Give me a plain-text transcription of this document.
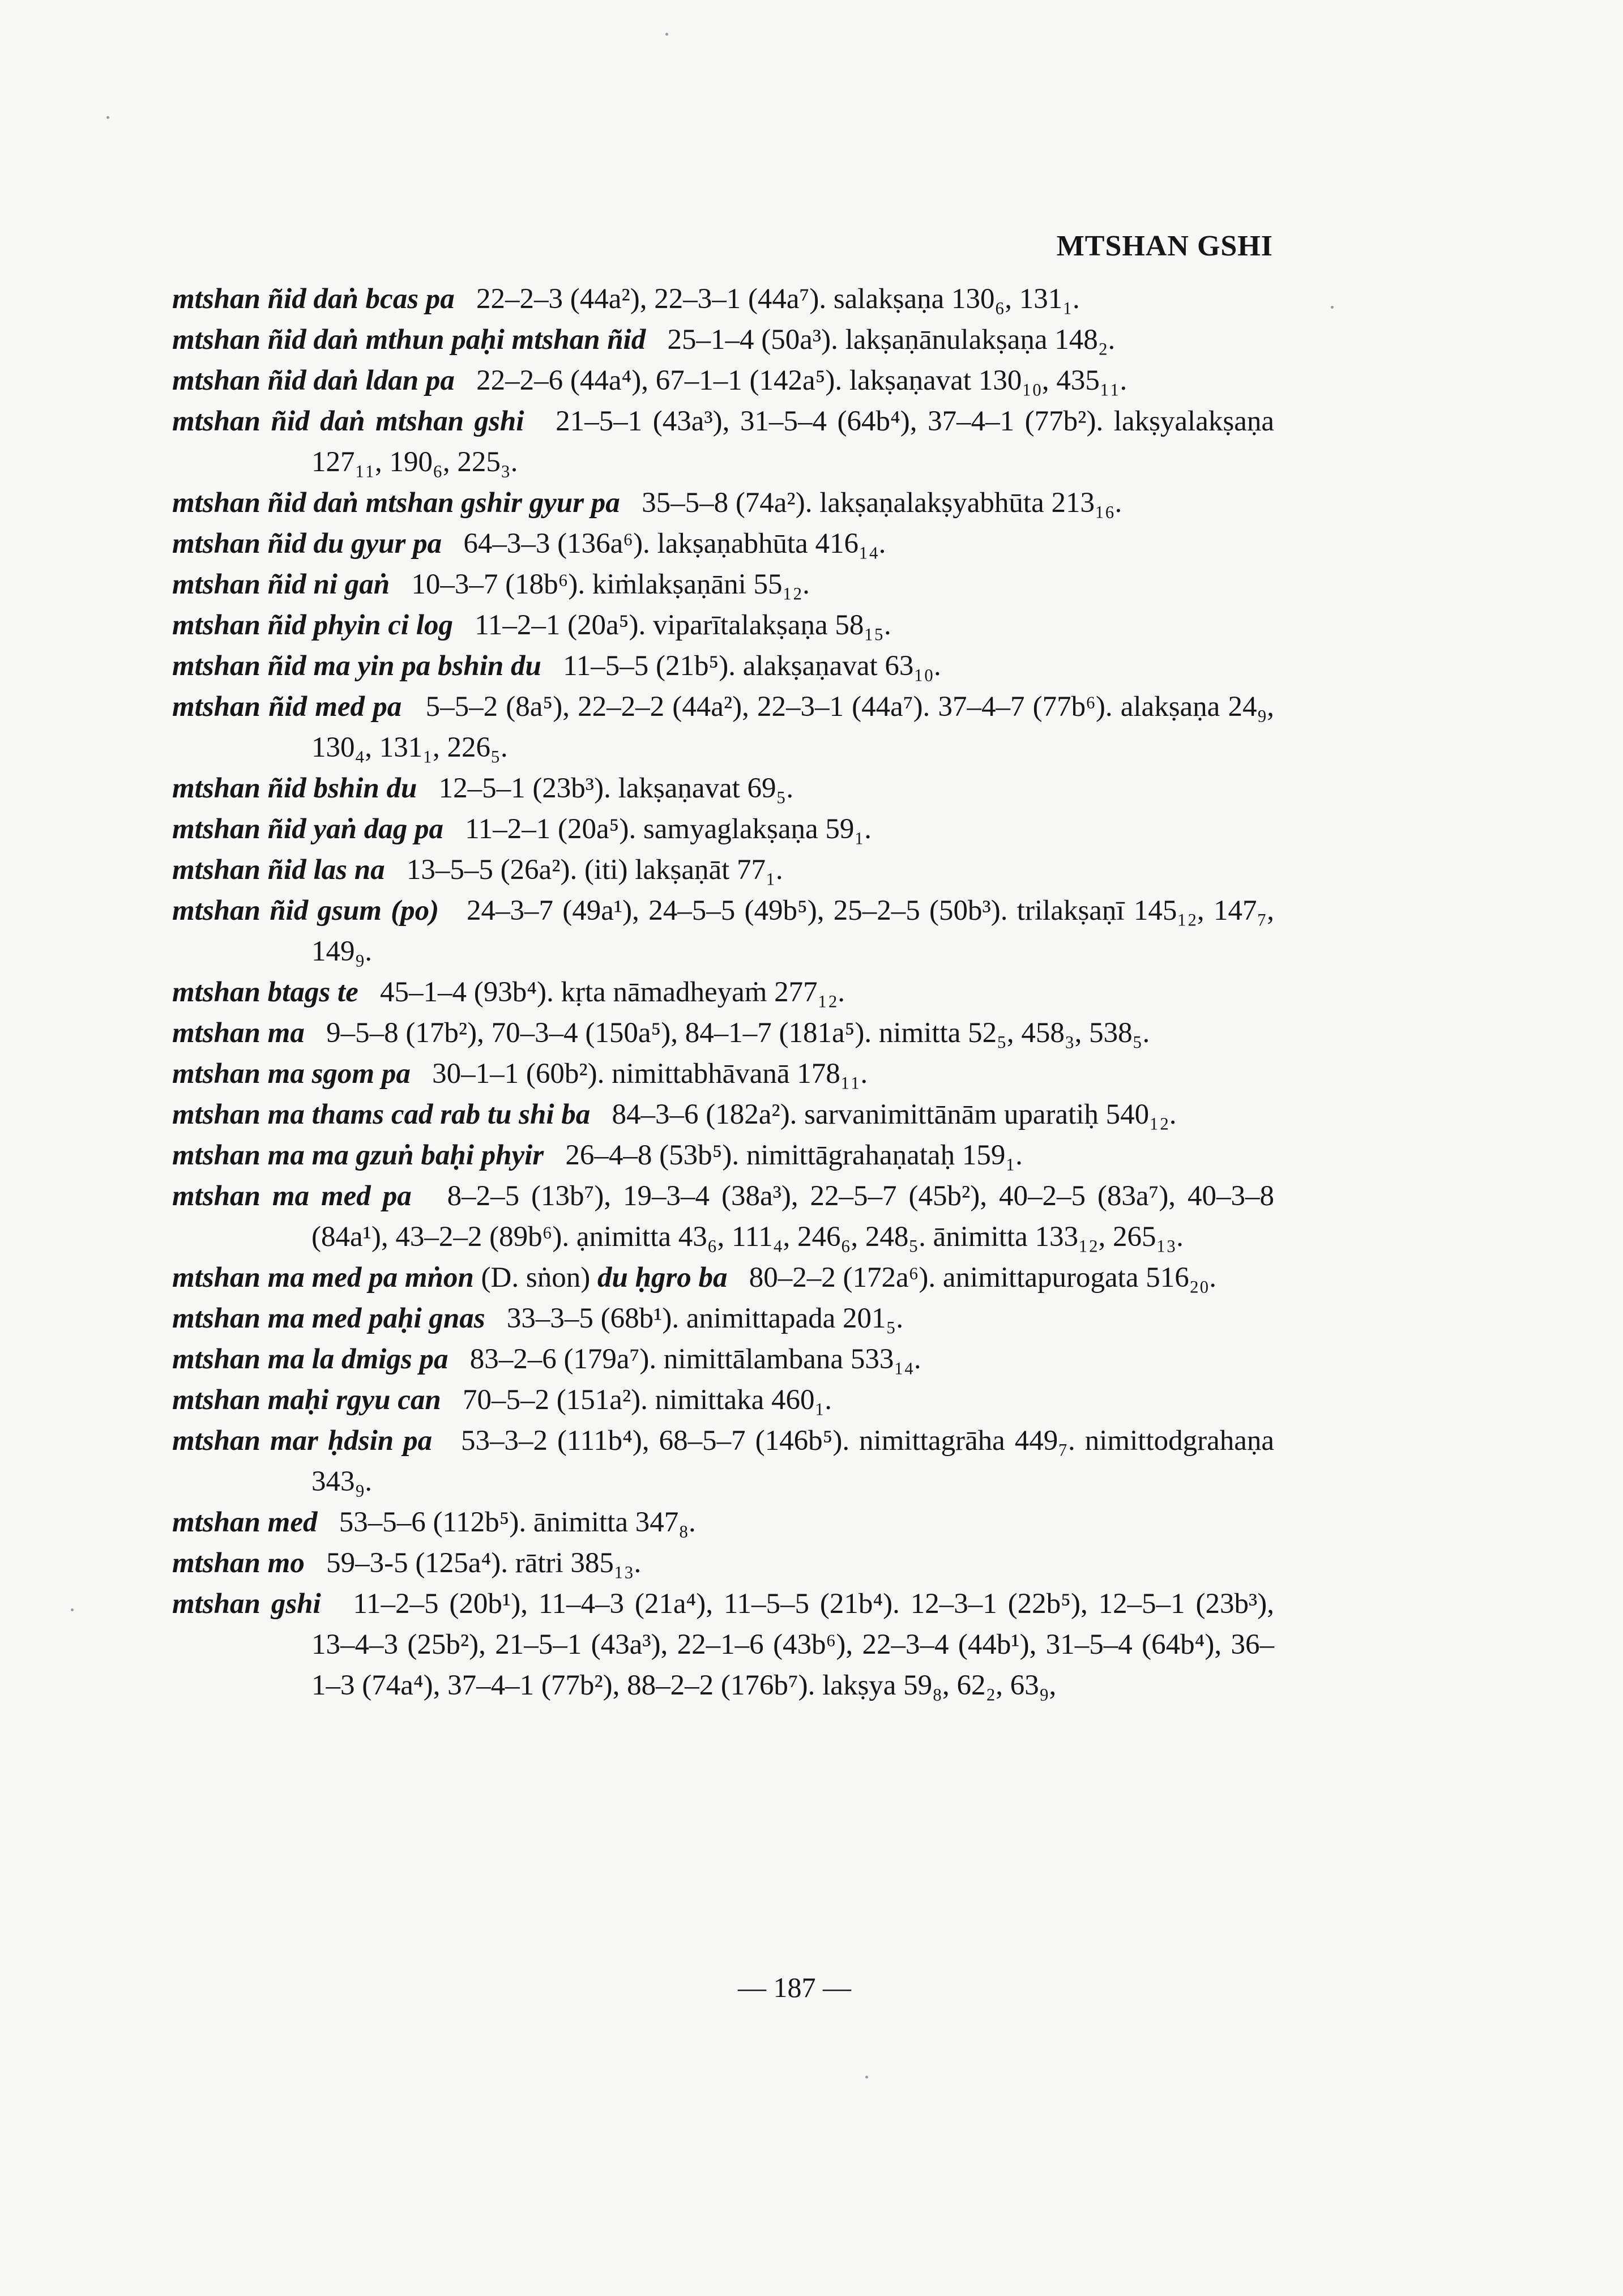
MTSHAN GSHI
mtshan ñid daṅ bcas pa 22–2–3 (44a²), 22–3–1 (44a⁷). salakṣaṇa 130₆, 131₁.
mtshan ñid daṅ mthun paḥi mtshan ñid 25–1–4 (50a³). lakṣaṇānulakṣaṇa 148₂.
mtshan ñid daṅ ldan pa 22–2–6 (44a⁴), 67–1–1 (142a⁵). lakṣaṇavat 130₁₀, 435₁₁.
mtshan ñid daṅ mtshan gshi 21–5–1 (43a³), 31–5–4 (64b⁴), 37–4–1 (77b²). lakṣyalakṣaṇa 127₁₁, 190₆, 225₃.
mtshan ñid daṅ mtshan gshir gyur pa 35–5–8 (74a²). lakṣaṇalakṣyabhūta 213₁₆.
mtshan ñid du gyur pa 64–3–3 (136a⁶). lakṣaṇabhūta 416₁₄.
mtshan ñid ni gaṅ 10–3–7 (18b⁶). kiṁlakṣaṇāni 55₁₂.
mtshan ñid phyin ci log 11–2–1 (20a⁵). viparītalakṣaṇa 58₁₅.
mtshan ñid ma yin pa bshin du 11–5–5 (21b⁵). alakṣaṇavat 63₁₀.
mtshan ñid med pa 5–5–2 (8a⁵), 22–2–2 (44a²), 22–3–1 (44a⁷). 37–4–7 (77b⁶). alakṣaṇa 24₉, 130₄, 131₁, 226₅.
mtshan ñid bshin du 12–5–1 (23b³). lakṣaṇavat 69₅.
mtshan ñid yaṅ dag pa 11–2–1 (20a⁵). samyaglakṣaṇa 59₁.
mtshan ñid las na 13–5–5 (26a²). (iti) lakṣaṇāt 77₁.
mtshan ñid gsum (po) 24–3–7 (49a¹), 24–5–5 (49b⁵), 25–2–5 (50b³). trilakṣaṇī 145₁₂, 147₇, 149₉.
mtshan btags te 45–1–4 (93b⁴). kṛta nāmadheyaṁ 277₁₂.
mtshan ma 9–5–8 (17b²), 70–3–4 (150a⁵), 84–1–7 (181a⁵). nimitta 52₅, 458₃, 538₅.
mtshan ma sgom pa 30–1–1 (60b²). nimittabhāvanā 178₁₁.
mtshan ma thams cad rab tu shi ba 84–3–6 (182a²). sarvanimittānām uparatiḥ 540₁₂.
mtshan ma ma gzuṅ baḥi phyir 26–4–8 (53b⁵). nimittāgrahaṇataḥ 159₁.
mtshan ma med pa 8–2–5 (13b⁷), 19–3–4 (38a³), 22–5–7 (45b²), 40–2–5 (83a⁷), 40–3–8 (84a¹), 43–2–2 (89b⁶). ạnimitta 43₆, 111₄, 246₆, 248₅. ānimitta 133₁₂, 265₁₃.
mtshan ma med pa mṅon (D. sṅon) du ḥgro ba 80–2–2 (172a⁶). animittapurogata 516₂₀.
mtshan ma med paḥi gnas 33–3–5 (68b¹). animittapada 201₅.
mtshan ma la dmigs pa 83–2–6 (179a⁷). nimittālambana 533₁₄.
mtshan maḥi rgyu can 70–5–2 (151a²). nimittaka 460₁.
mtshan mar ḥdsin pa 53–3–2 (111b⁴), 68–5–7 (146b⁵). nimittagrāha 449₇. nimittodgrahaṇa 343₉.
mtshan med 53–5–6 (112b⁵). ānimitta 347₈.
mtshan mo 59–3-5 (125a⁴). rātri 385₁₃.
mtshan gshi 11–2–5 (20b¹), 11–4–3 (21a⁴), 11–5–5 (21b⁴). 12–3–1 (22b⁵), 12–5–1 (23b³), 13–4–3 (25b²), 21–5–1 (43a³), 22–1–6 (43b⁶), 22–3–4 (44b¹), 31–5–4 (64b⁴), 36–1–3 (74a⁴), 37–4–1 (77b²), 88–2–2 (176b⁷). lakṣya 59₈, 62₂, 63₉,
— 187 —
